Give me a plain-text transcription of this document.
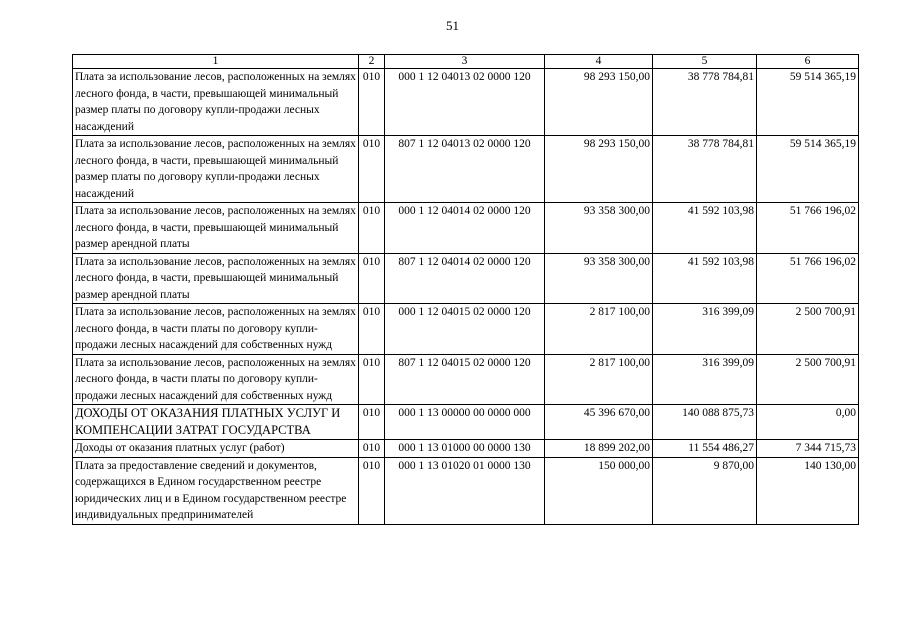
51
1	2	3	4	5	6
Плата за использование лесов, расположенных на землях лесного фонда, в части, превышающей минимальный размер платы по договору купли-продажи лесных насаждений	010	000 1 12 04013 02 0000 120	98 293 150,00	38 778 784,81	59 514 365,19
Плата за использование лесов, расположенных на землях лесного фонда, в части, превышающей минимальный размер платы по договору купли-продажи лесных насаждений	010	807 1 12 04013 02 0000 120	98 293 150,00	38 778 784,81	59 514 365,19
Плата за использование лесов, расположенных на землях лесного фонда, в части, превышающей минимальный размер арендной платы	010	000 1 12 04014 02 0000 120	93 358 300,00	41 592 103,98	51 766 196,02
Плата за использование лесов, расположенных на землях лесного фонда, в части, превышающей минимальный размер арендной платы	010	807 1 12 04014 02 0000 120	93 358 300,00	41 592 103,98	51 766 196,02
Плата за использование лесов, расположенных на землях лесного фонда, в части платы по договору купли-продажи лесных насаждений для собственных нужд	010	000 1 12 04015 02 0000 120	2 817 100,00	316 399,09	2 500 700,91
Плата за использование лесов, расположенных на землях лесного фонда, в части платы по договору купли-продажи лесных насаждений для собственных нужд	010	807 1 12 04015 02 0000 120	2 817 100,00	316 399,09	2 500 700,91
ДОХОДЫ ОТ ОКАЗАНИЯ ПЛАТНЫХ УСЛУГ И КОМПЕНСАЦИИ ЗАТРАТ ГОСУДАРСТВА	010	000 1 13 00000 00 0000 000	45 396 670,00	140 088 875,73	0,00
Доходы от оказания платных услуг (работ)	010	000 1 13 01000 00 0000 130	18 899 202,00	11 554 486,27	7 344 715,73
Плата за предоставление сведений и документов, содержащихся в Едином государственном реестре юридических лиц и в Едином государственном реестре индивидуальных предпринимателей	010	000 1 13 01020 01 0000 130	150 000,00	9 870,00	140 130,00
